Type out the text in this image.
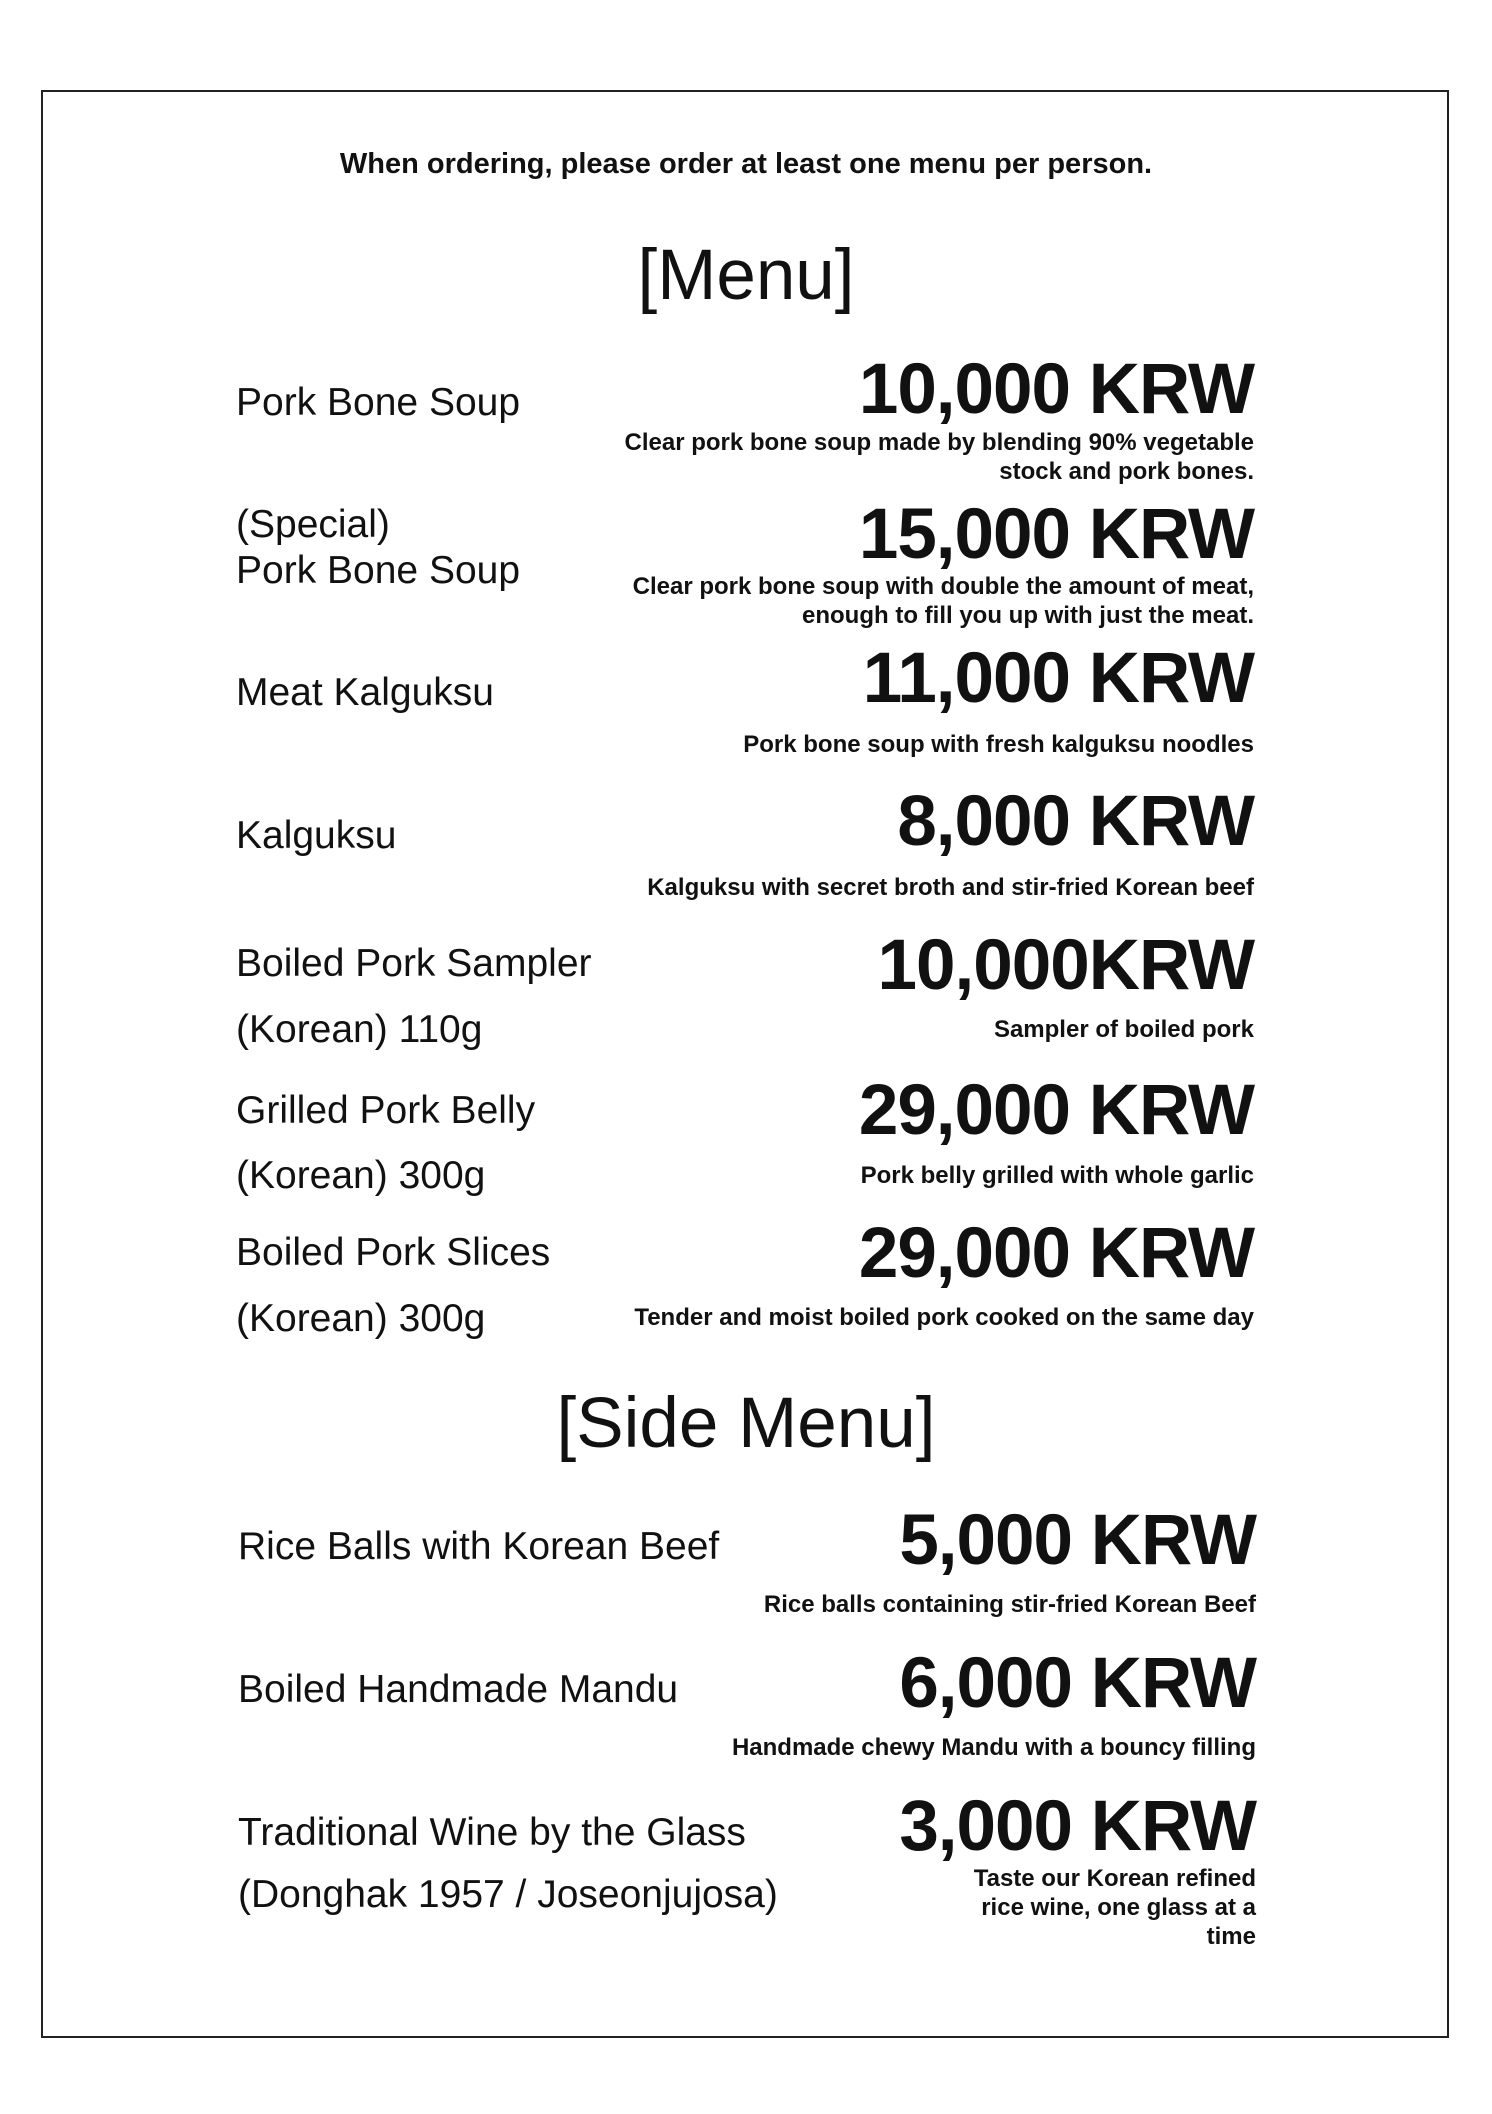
When ordering, please order at least one menu per person.
[Menu]
Pork Bone Soup	10,000 KRW
Clear pork bone soup made by blending 90% vegetable stock and pork bones.
(Special)
Pork Bone Soup	15,000 KRW
Clear pork bone soup with double the amount of meat, enough to fill you up with just the meat.
Meat Kalguksu	11,000 KRW
Pork bone soup with fresh kalguksu noodles
Kalguksu	8,000 KRW
Kalguksu with secret broth and stir-fried Korean beef
Boiled Pork Sampler
(Korean) 110g
10,000KRW
Sampler of boiled pork
Grilled Pork Belly
(Korean) 300g
29,000 KRW
Pork belly grilled with whole garlic
Boiled Pork Slices
(Korean) 300g
29,000 KRW
Tender and moist boiled pork cooked on the same day
[Side Menu]
Rice Balls with Korean Beef	5,000 KRW
Rice balls containing stir-fried Korean Beef
Boiled Handmade Mandu	6,000 KRW
Handmade chewy Mandu with a bouncy filling
Traditional Wine by the Glass
(Donghak 1957 / Joseonjujosa)
3,000 KRW
Taste our Korean refined rice wine, one glass at a time
